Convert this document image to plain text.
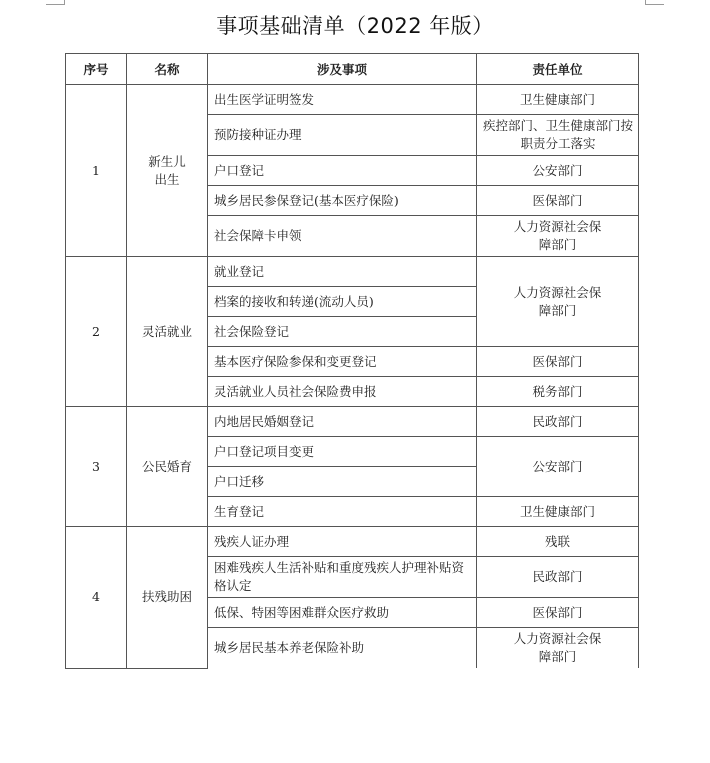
事项基础清单（2022 年版）
序号	名称	涉及事项	责任单位
1	新生儿出生	出生医学证明签发	卫生健康部门
		预防接种证办理	疾控部门、卫生健康部门按职责分工落实

		户口登记	公安部门
		城乡居民参保登记(基本医疗保险)	医保部门
		社会保障卡申领	人力资源社会保障部门

2	灵活就业	就业登记	人力资源社会保障部门

		档案的接收和转递(流动人员)	
		社会保险登记	
		基本医疗保险参保和变更登记	医保部门
		灵活就业人员社会保险费申报	税务部门
3	公民婚育	内地居民婚姻登记	民政部门
		户口登记项目变更	公安部门
		户口迁移	
		生育登记	卫生健康部门
4	扶残助困	残疾人证办理	残联
		困难残疾人生活补贴和重度残疾人护理补贴资格认定	民政部门
		低保、特困等困难群众医疗救助	医保部门
		城乡居民基本养老保险补助	人力资源社会保障部门
